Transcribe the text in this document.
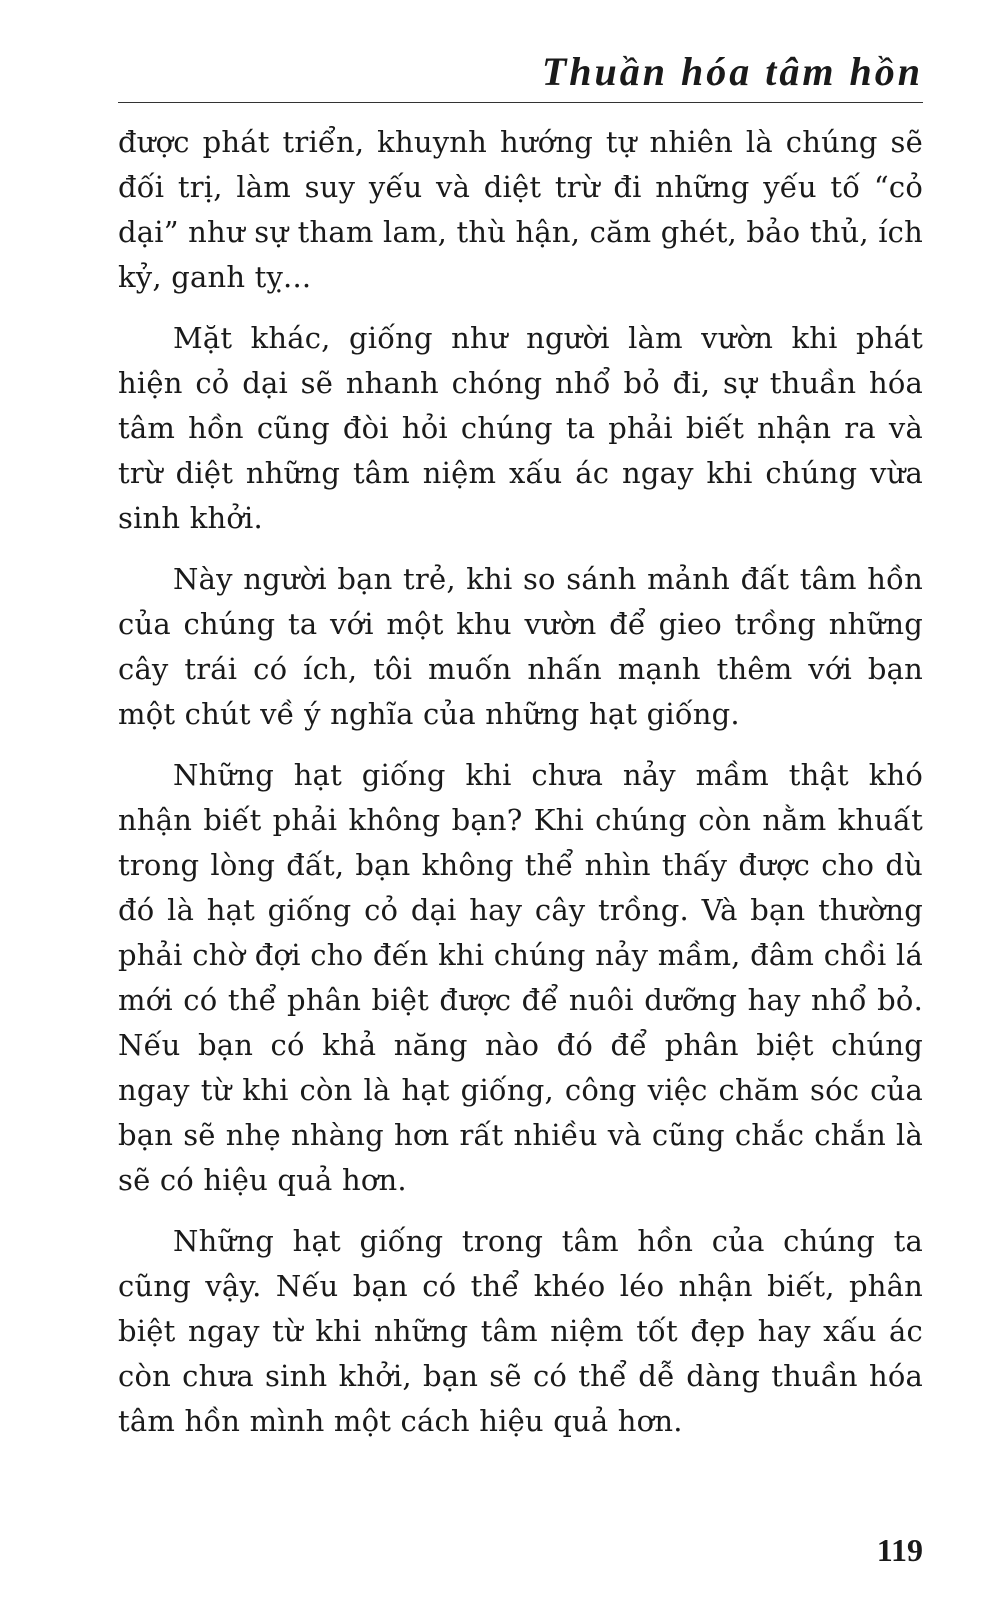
Thuần hóa tâm hồn

được phát triển, khuynh hướng tự nhiên là chúng sẽ đối trị, làm suy yếu và diệt trừ đi những yếu tố “cỏ dại” như sự tham lam, thù hận, căm ghét, bảo thủ, ích kỷ, ganh tỵ...

Mặt khác, giống như người làm vườn khi phát hiện cỏ dại sẽ nhanh chóng nhổ bỏ đi, sự thuần hóa tâm hồn cũng đòi hỏi chúng ta phải biết nhận ra và trừ diệt những tâm niệm xấu ác ngay khi chúng vừa sinh khởi.

Này người bạn trẻ, khi so sánh mảnh đất tâm hồn của chúng ta với một khu vườn để gieo trồng những cây trái có ích, tôi muốn nhấn mạnh thêm với bạn một chút về ý nghĩa của những hạt giống.

Những hạt giống khi chưa nảy mầm thật khó nhận biết phải không bạn? Khi chúng còn nằm khuất trong lòng đất, bạn không thể nhìn thấy được cho dù đó là hạt giống cỏ dại hay cây trồng. Và bạn thường phải chờ đợi cho đến khi chúng nảy mầm, đâm chồi lá mới có thể phân biệt được để nuôi dưỡng hay nhổ bỏ. Nếu bạn có khả năng nào đó để phân biệt chúng ngay từ khi còn là hạt giống, công việc chăm sóc của bạn sẽ nhẹ nhàng hơn rất nhiều và cũng chắc chắn là sẽ có hiệu quả hơn.

Những hạt giống trong tâm hồn của chúng ta cũng vậy. Nếu bạn có thể khéo léo nhận biết, phân biệt ngay từ khi những tâm niệm tốt đẹp hay xấu ác còn chưa sinh khởi, bạn sẽ có thể dễ dàng thuần hóa tâm hồn mình một cách hiệu quả hơn.

119
